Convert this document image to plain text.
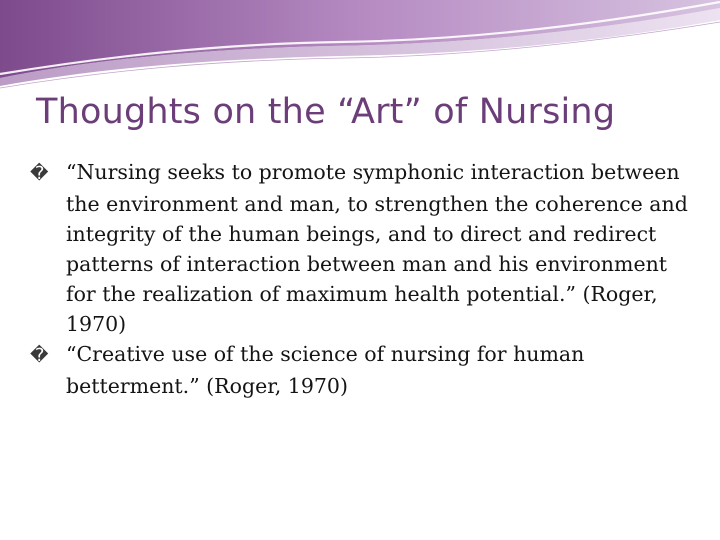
Thoughts on the “Art” of Nursing
� “Nursing seeks to promote symphonic interaction between the environment and man, to strengthen the coherence and integrity of the human beings, and to direct and redirect patterns of interaction between man and his environment for the realization of maximum health potential.” (Roger, 1970)
� “Creative use of the science of nursing for human betterment.” (Roger, 1970)
